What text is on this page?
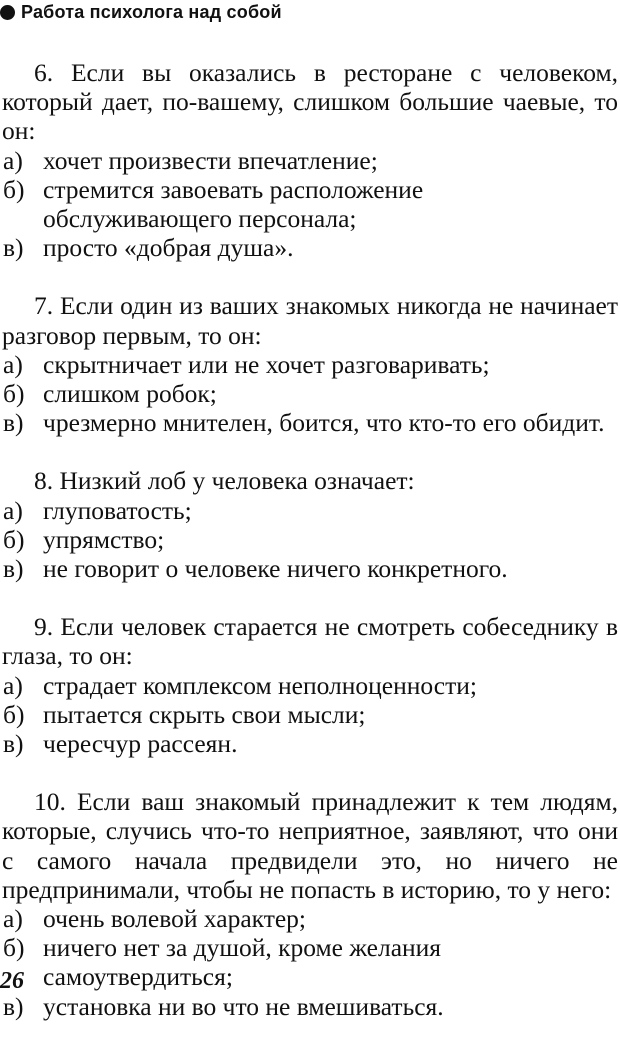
Работа психолога над собой

6. Если вы оказались в ресторане с человеком, который дает, по-вашему, слишком большие чаевые, то он:

а) хочет произвести впечатление;
б) стремится завоевать расположение обслуживающего персонала;
в) просто «добрая душа».

7. Если один из ваших знакомых никогда не начинает разговор первым, то он:

а) скрытничает или не хочет разговаривать;
б) слишком робок;
в) чрезмерно мнителен, боится, что кто-то его обидит.

8. Низкий лоб у человека означает:

а) глуповатость;
б) упрямство;
в) не говорит о человеке ничего конкретного.

9. Если человек старается не смотреть собеседнику в глаза, то он:

а) страдает комплексом неполноценности;
б) пытается скрыть свои мысли;
в) чересчур рассеян.

10. Если ваш знакомый принадлежит к тем людям, которые, случись что-то неприятное, заявляют, что они с самого начала предвидели это, но ничего не предпринимали, чтобы не попасть в историю, то у него:

а) очень волевой характер;
б) ничего нет за душой, кроме желания самоутвердиться;
в) установка ни во что не вмешиваться.
26
